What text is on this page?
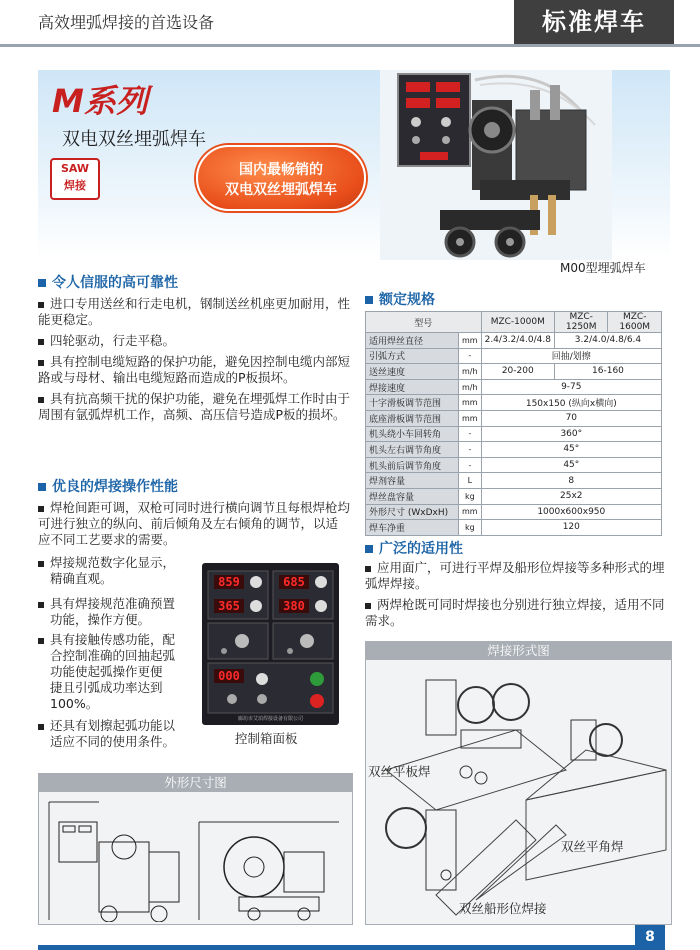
高效埋弧焊接的首选设备	标准焊车
M系列
双电双丝埋弧焊车
SAW
焊接
国内最畅销的
双电双丝埋弧焊车
M00型埋弧焊车
令人信服的高可靠性
进口专用送丝和行走电机，钢制送丝机座更加耐用，性能更稳定。
四轮驱动，行走平稳。
具有控制电缆短路的保护功能，避免因控制电缆内部短路或与母材、输出电缆短路而造成的P板损坏。
具有抗高频干扰的保护功能，避免在埋弧焊工作时由于周围有氩弧焊机工作，高频、高压信号造成P板的损坏。
优良的焊接操作性能
焊枪间距可调，双枪可同时进行横向调节且每根焊枪均可进行独立的纵向、前后倾角及左右倾角的调节，以适应不同工艺要求的需要。
焊接规范数字化显示，
精确直观。
具有焊接规范准确预置
功能，操作方便。
具有接触传感功能，配
合控制准确的回抽起弧
功能使起弧操作更便
捷且引弧成功率达到
100%。
还具有划擦起弧功能以
适应不同的使用条件。
859	685
365	380
000
廊坊市艾珀焊接设备有限公司
控制箱面板
额定规格
型号		MZC-1000M	MZC-1250M	MZC-1600M
适用焊丝直径	mm	2.4/3.2/4.0/4.8	3.2/4.0/4.8/6.4	
引弧方式	-	回抽/划擦		
送丝速度	m/h	20-200	16-160	
焊接速度	m/h	9-75		
十字滑板调节范围	mm	150x150 (纵向x横向)		
底座滑板调节范围	mm	70		
机头绕小车回转角	-	360°		
机头左右调节角度	-	45°		
机头前后调节角度	-	45°		
焊剂容量	L	8		
焊丝盘容量	kg	25x2		
外形尺寸 (WxDxH)	mm	1000x600x950		
焊车净重	kg	120		
广泛的适用性
应用面广，可进行平焊及船形位焊接等多种形式的埋弧焊焊接。
两焊枪既可同时焊接也分别进行独立焊接，适用不同需求。
焊接形式图
双丝平板焊
双丝平角焊
双丝船形位焊接
外形尺寸图
8
